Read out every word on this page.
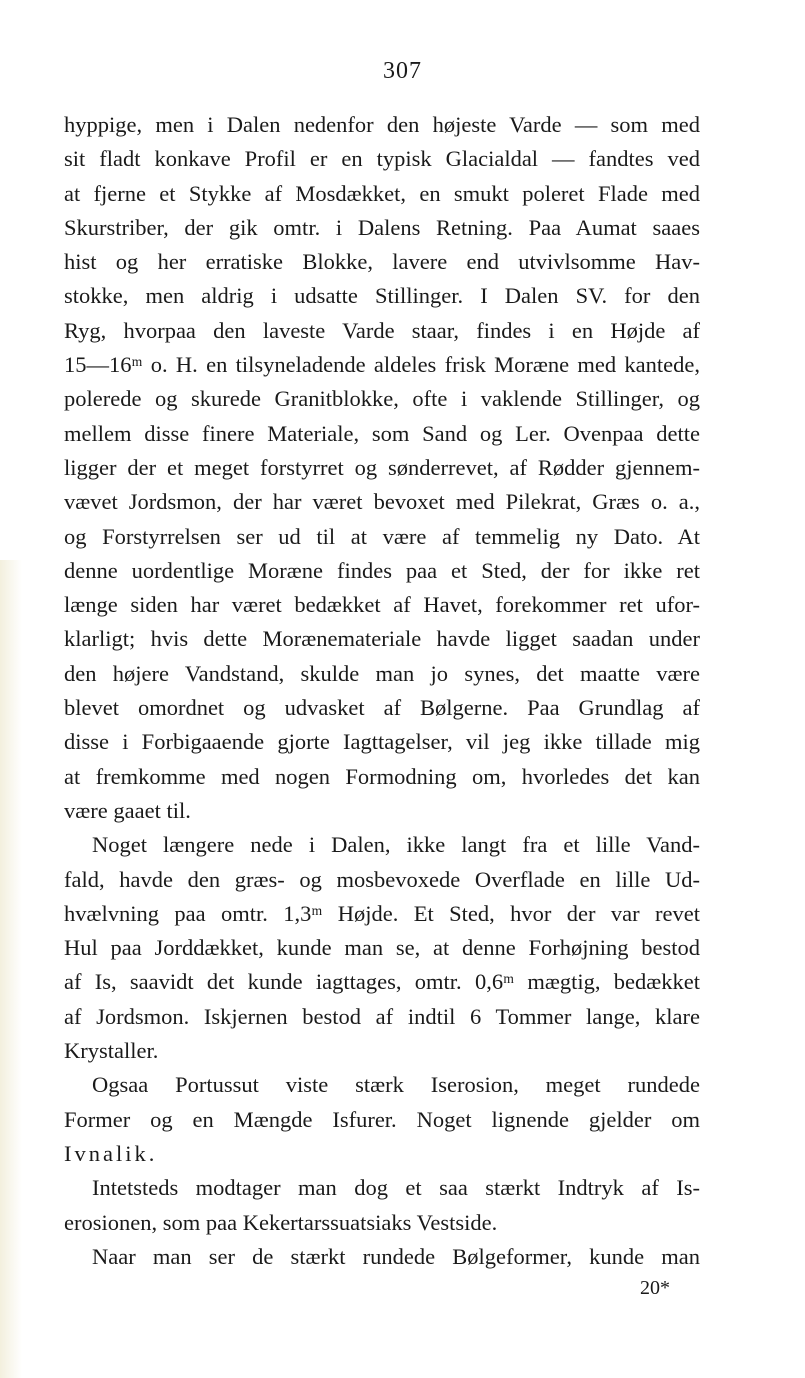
307
hyppige, men i Dalen nedenfor den højeste Varde — som med
sit fladt konkave Profil er en typisk Glacialdal — fandtes ved
at fjerne et Stykke af Mosdækket, en smukt poleret Flade med
Skurstriber, der gik omtr. i Dalens Retning. Paa Aumat saaes
hist og her erratiske Blokke, lavere end utvivlsomme Hav-
stokke, men aldrig i udsatte Stillinger. I Dalen SV. for den
Ryg, hvorpaa den laveste Varde staar, findes i en Højde af
15—16ᵐ o. H. en tilsyneladende aldeles frisk Moræne med kantede,
polerede og skurede Granitblokke, ofte i vaklende Stillinger, og
mellem disse finere Materiale, som Sand og Ler. Ovenpaa dette
ligger der et meget forstyrret og sønderrevet, af Rødder gjennem-
vævet Jordsmon, der har været bevoxet med Pilekrat, Græs o. a.,
og Forstyrrelsen ser ud til at være af temmelig ny Dato. At
denne uordentlige Moræne findes paa et Sted, der for ikke ret
længe siden har været bedækket af Havet, forekommer ret ufor-
klarligt; hvis dette Morænemateriale havde ligget saadan under
den højere Vandstand, skulde man jo synes, det maatte være
blevet omordnet og udvasket af Bølgerne. Paa Grundlag af
disse i Forbigaaende gjorte Iagttagelser, vil jeg ikke tillade mig
at fremkomme med nogen Formodning om, hvorledes det kan
være gaaet til.
Noget længere nede i Dalen, ikke langt fra et lille Vand-
fald, havde den græs- og mosbevoxede Overflade en lille Ud-
hvælvning paa omtr. 1,3ᵐ Højde. Et Sted, hvor der var revet
Hul paa Jorddækket, kunde man se, at denne Forhøjning bestod
af Is, saavidt det kunde iagttages, omtr. 0,6ᵐ mægtig, bedækket
af Jordsmon. Iskjernen bestod af indtil 6 Tommer lange, klare
Krystaller.
Ogsaa Portussut viste stærk Iserosion, meget rundede
Former og en Mængde Isfurer. Noget lignende gjelder om
Ivnalik.
Intetsteds modtager man dog et saa stærkt Indtryk af Is-
erosionen, som paa Kekertarssuatsiaks Vestside.
Naar man ser de stærkt rundede Bølgeformer, kunde man
20*
